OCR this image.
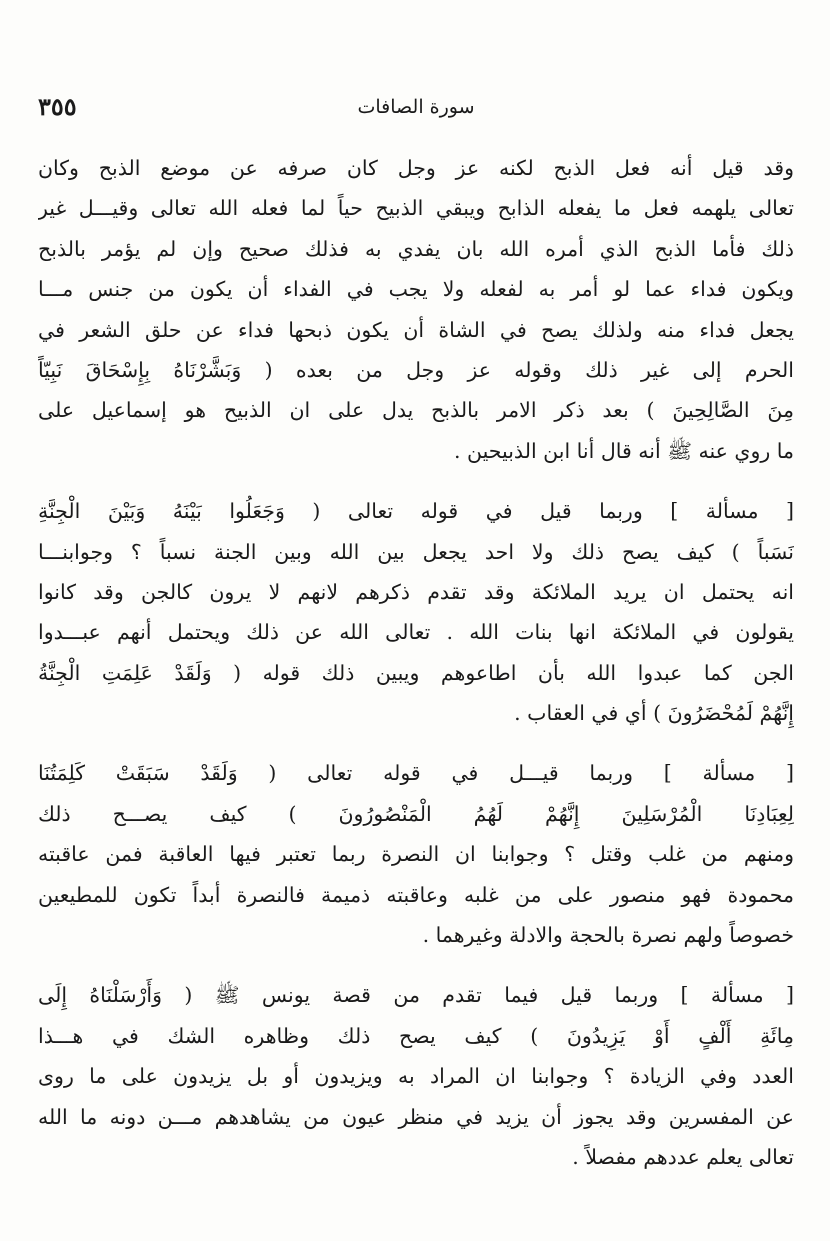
٣٥٥	سورة الصافات
وقد قيل أنه فعل الذبح لكنه عز وجل كان صرفه عن موضع الذبح وكان
تعالى يلهمه فعل ما يفعله الذابح ويبقي الذبيح حياً لما فعله الله تعالى وقيـــل غير
ذلك فأما الذبح الذي أمره الله بان يفدي به فذلك صحيح وإن لم يؤمر بالذبح
ويكون فداء عما لو أمر به لفعله ولا يجب في الفداء أن يكون من جنس مـــا
يجعل فداء منه ولذلك يصح في الشاة أن يكون ذبحها فداء عن حلق الشعر في
الحرم إلى غير ذلك وقوله عز وجل من بعده ( وَبَشَّرْنَاهُ بِإِسْحَاقَ نَبِيّاً
مِنَ الصَّالِحِينَ ) بعد ذكر الامر بالذبح يدل على ان الذبيح هو إسماعيل على
ما روي عنه ﷺ أنه قال أنا ابن الذبيحين .
[ مسألة ] وربما قيل في قوله تعالى ( وَجَعَلُوا بَيْنَهُ وَبَيْنَ الْجِنَّةِ
نَسَباً ) كيف يصح ذلك ولا احد يجعل بين الله وبين الجنة نسباً ؟ وجوابنـــا
انه يحتمل ان يريد الملائكة وقد تقدم ذكرهم لانهم لا يرون كالجن وقد كانوا
يقولون في الملائكة انها بنات الله . تعالى الله عن ذلك ويحتمل أنهم عبـــدوا
الجن كما عبدوا الله بأن اطاعوهم ويبين ذلك قوله ( وَلَقَدْ عَلِمَتِ الْجِنَّةُ
إِنَّهُمْ لَمُحْضَرُونَ ) أي في العقاب .
[ مسألة ] وربما قيـــل في قوله تعالى ( وَلَقَدْ سَبَقَتْ كَلِمَتُنَا
لِعِبَادِنَا الْمُرْسَلِينَ إِنَّهُمْ لَهُمُ الْمَنْصُورُونَ ) كيف يصـــح ذلك
ومنهم من غلب وقتل ؟ وجوابنا ان النصرة ربما تعتبر فيها العاقبة فمن عاقبته
محمودة فهو منصور على من غلبه وعاقبته ذميمة فالنصرة أبداً تكون للمطيعين
خصوصاً ولهم نصرة بالحجة والادلة وغيرهما .
[ مسألة ] وربما قيل فيما تقدم من قصة يونس ﷺ ( وَأَرْسَلْنَاهُ إِلَى
مِائَةِ أَلْفٍ أَوْ يَزِيدُونَ ) كيف يصح ذلك وظاهره الشك في هـــذا
العدد وفي الزيادة ؟ وجوابنا ان المراد به ويزيدون أو بل يزيدون على ما روى
عن المفسرين وقد يجوز أن يزيد في منظر عيون من يشاهدهم مـــن دونه ما الله
تعالى يعلم عددهم مفصلاً .
